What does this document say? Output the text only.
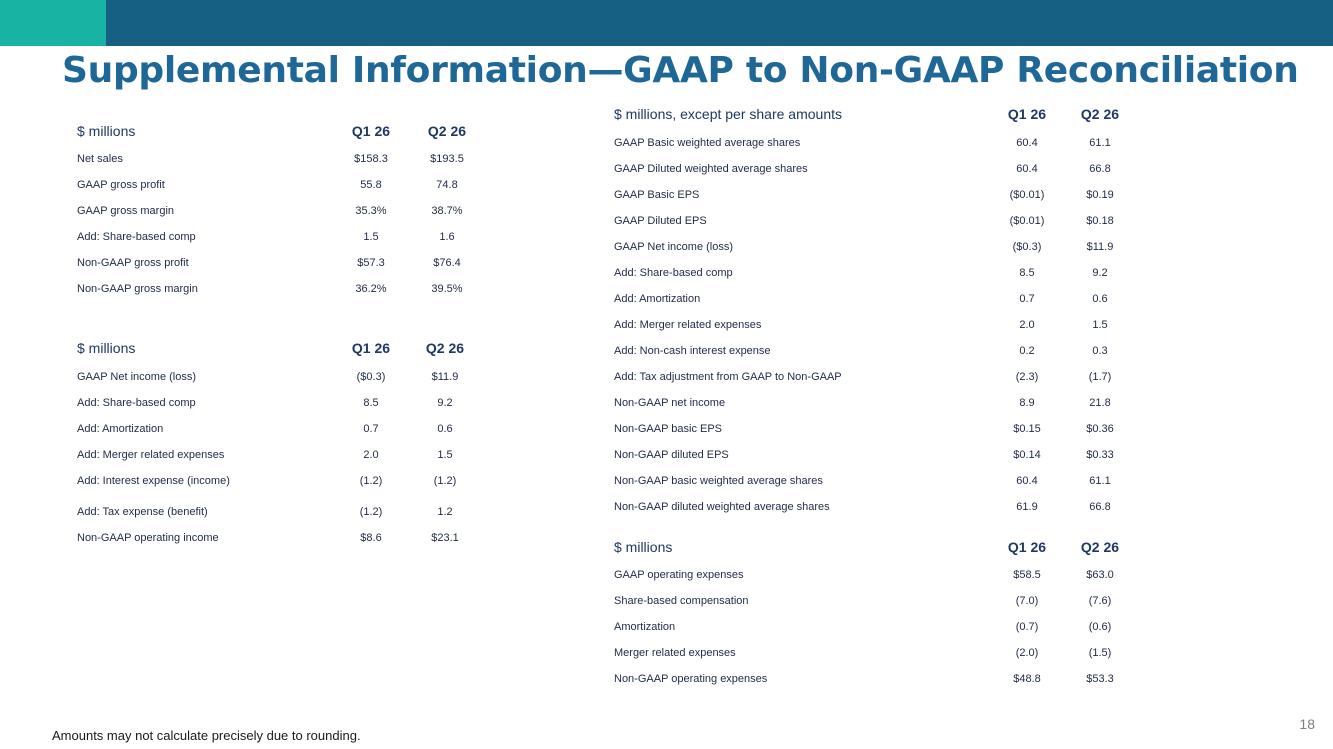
Supplemental Information—GAAP to Non-GAAP Reconciliation
$ millions	Q1 26	Q2 26
Net sales	$158.3	$193.5
GAAP gross profit	55.8	74.8
GAAP gross margin	35.3%	38.7%
Add: Share-based comp	1.5	1.6
Non-GAAP gross profit	$57.3	$76.4
Non-GAAP gross margin	36.2%	39.5%
$ millions	Q1 26	Q2 26
GAAP Net income (loss)	($0.3)	$11.9
Add: Share-based comp	8.5	9.2
Add: Amortization	0.7	0.6
Add: Merger related expenses	2.0	1.5
Add: Interest expense (income)	(1.2)	(1.2)
Add: Tax expense (benefit)	(1.2)	1.2
Non-GAAP operating income	$8.6	$23.1
$ millions, except per share amounts	Q1 26	Q2 26
GAAP Basic weighted average shares	60.4	61.1
GAAP Diluted weighted average shares	60.4	66.8
GAAP Basic EPS	($0.01)	$0.19
GAAP Diluted EPS	($0.01)	$0.18
GAAP Net income (loss)	($0.3)	$11.9
Add: Share-based comp	8.5	9.2
Add: Amortization	0.7	0.6
Add: Merger related expenses	2.0	1.5
Add: Non-cash interest expense	0.2	0.3
Add: Tax adjustment from GAAP to Non-GAAP	(2.3)	(1.7)
Non-GAAP net income	8.9	21.8
Non-GAAP basic EPS	$0.15	$0.36
Non-GAAP diluted EPS	$0.14	$0.33
Non-GAAP basic weighted average shares	60.4	61.1
Non-GAAP diluted weighted average shares	61.9	66.8
$ millions	Q1 26	Q2 26
GAAP operating expenses	$58.5	$63.0
Share-based compensation	(7.0)	(7.6)
Amortization	(0.7)	(0.6)
Merger related expenses	(2.0)	(1.5)
Non-GAAP operating expenses	$48.8	$53.3
Amounts may not calculate precisely due to rounding.
18
